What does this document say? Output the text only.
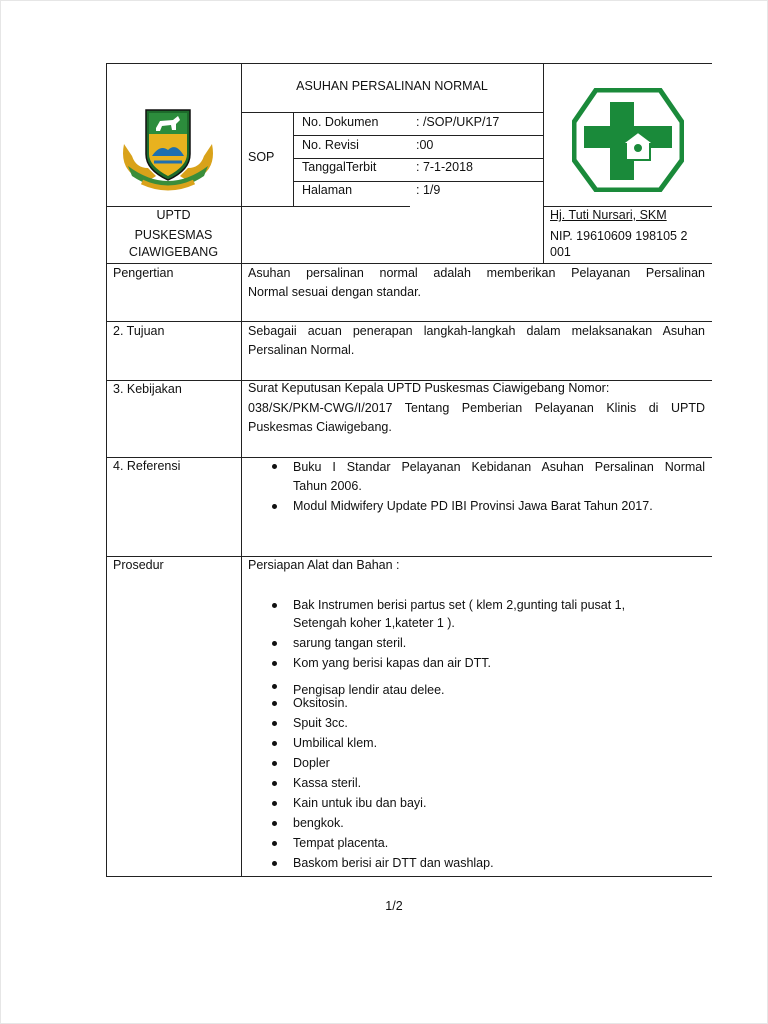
ASUHAN PERSALINAN NORMAL
SOP
No. Dokumen	: /SOP/UKP/17
No. Revisi	:00
TanggalTerbit	: 7-1-2018
Halaman	: 1/9
UPTD
PUSKESMAS
CIAWIGEBANG
Hj. Tuti Nursari, SKM
NIP. 19610609 198105 2
001
Pengertian	Asuhan persalinan normal adalah memberikan Pelayanan Persalinan
Normal sesuai dengan standar.
2. Tujuan	Sebagaii acuan penerapan langkah-langkah dalam melaksanakan Asuhan
Persalinan Normal.
3. Kebijakan	Surat Keputusan Kepala UPTD Puskesmas Ciawigebang Nomor:
038/SK/PKM-CWG/I/2017 Tentang Pemberian Pelayanan Klinis di UPTD
Puskesmas Ciawigebang.
4. Referensi	Buku I Standar Pelayanan Kebidanan Asuhan Persalinan Normal
Tahun 2006.
Modul Midwifery Update PD IBI Provinsi Jawa Barat Tahun 2017.
Prosedur	Persiapan Alat dan Bahan :
Bak Instrumen berisi partus set ( klem 2,gunting tali pusat 1,
Setengah koher 1,kateter 1 ).
sarung tangan steril.
Kom yang berisi kapas dan air DTT.
Pengisap lendir atau delee.
Oksitosin.
Spuit 3cc.
Umbilical klem.
Dopler
Kassa steril.
Kain untuk ibu dan bayi.
bengkok.
Tempat placenta.
Baskom berisi air DTT dan washlap.
1/2
